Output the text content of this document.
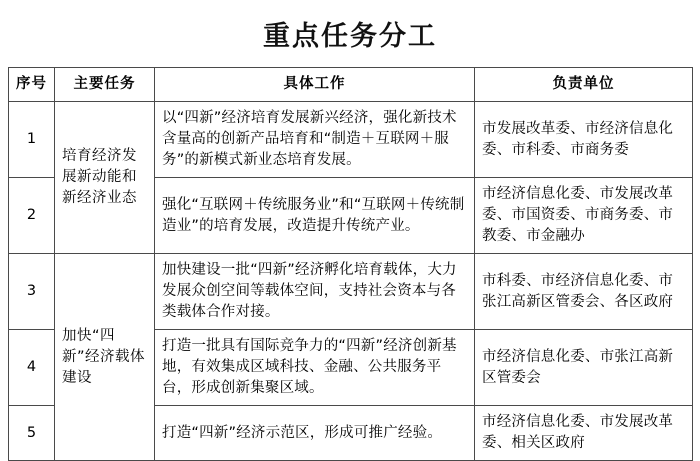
重点任务分工
序号	主要任务	具体工作	负责单位
1	培育经济发展新动能和新经济业态	以“四新”经济培育发展新兴经济，强化新技术含量高的创新产品培育和“制造＋互联网＋服务”的新模式新业态培育发展。	市发展改革委、市经济信息化委、市科委、市商务委
2		强化“互联网＋传统服务业”和“互联网＋传统制造业”的培育发展，改造提升传统产业。	市经济信息化委、市发展改革委、市国资委、市商务委、市教委、市金融办
3	加快“四新”经济载体建设	加快建设一批“四新”经济孵化培育载体，大力发展众创空间等载体空间，支持社会资本与各类载体合作对接。	市科委、市经济信息化委、市张江高新区管委会、各区政府
4		打造一批具有国际竞争力的“四新”经济创新基地，有效集成区域科技、金融、公共服务平台，形成创新集聚区域。	市经济信息化委、市张江高新区管委会
5		打造“四新”经济示范区，形成可推广经验。	市经济信息化委、市发展改革委、相关区政府
